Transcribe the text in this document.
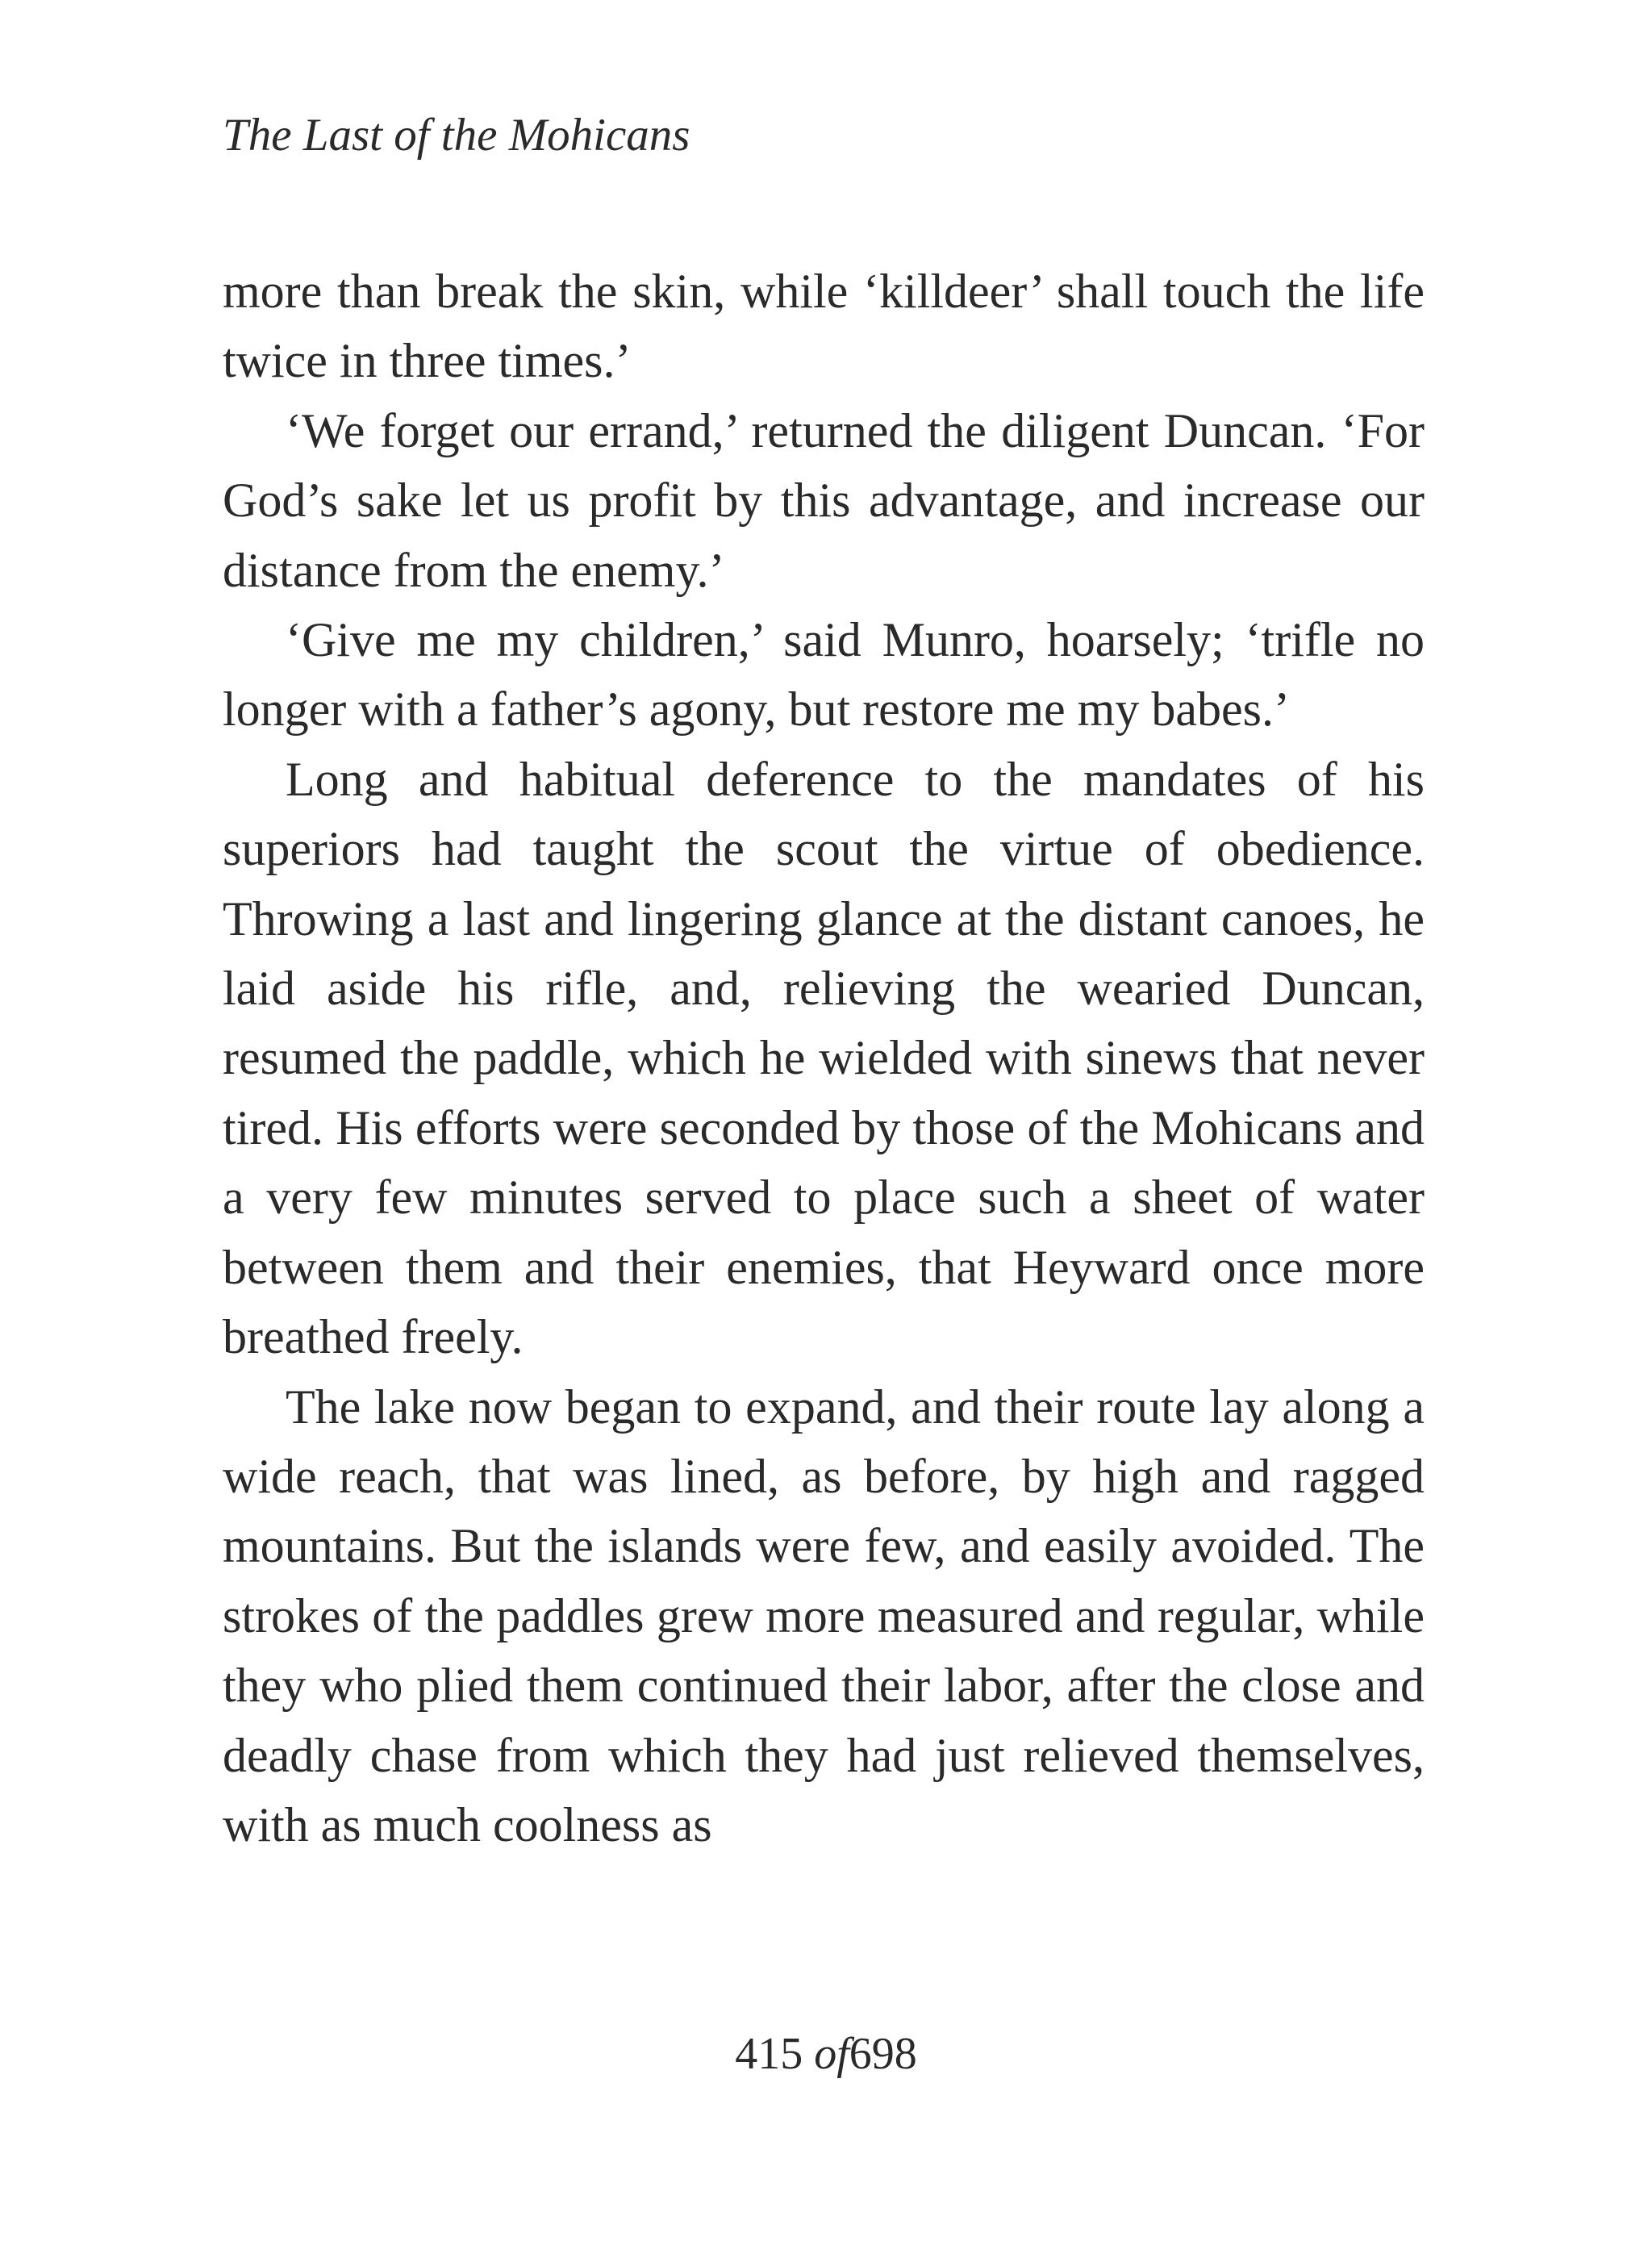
The Last of the Mohicans

more than break the skin, while ‘killdeer’ shall touch the life twice in three times.’

‘We forget our errand,’ returned the diligent Duncan. ‘For God’s sake let us profit by this advantage, and increase our distance from the enemy.’

‘Give me my children,’ said Munro, hoarsely; ‘trifle no longer with a father’s agony, but restore me my babes.’

Long and habitual deference to the mandates of his superiors had taught the scout the virtue of obedience. Throwing a last and lingering glance at the distant canoes, he laid aside his rifle, and, relieving the wearied Duncan, resumed the paddle, which he wielded with sinews that never tired. His efforts were seconded by those of the Mohicans and a very few minutes served to place such a sheet of water between them and their enemies, that Heyward once more breathed freely.

The lake now began to expand, and their route lay along a wide reach, that was lined, as before, by high and ragged mountains. But the islands were few, and easily avoided. The strokes of the paddles grew more measured and regular, while they who plied them continued their labor, after the close and deadly chase from which they had just relieved themselves, with as much coolness as

415 of698
